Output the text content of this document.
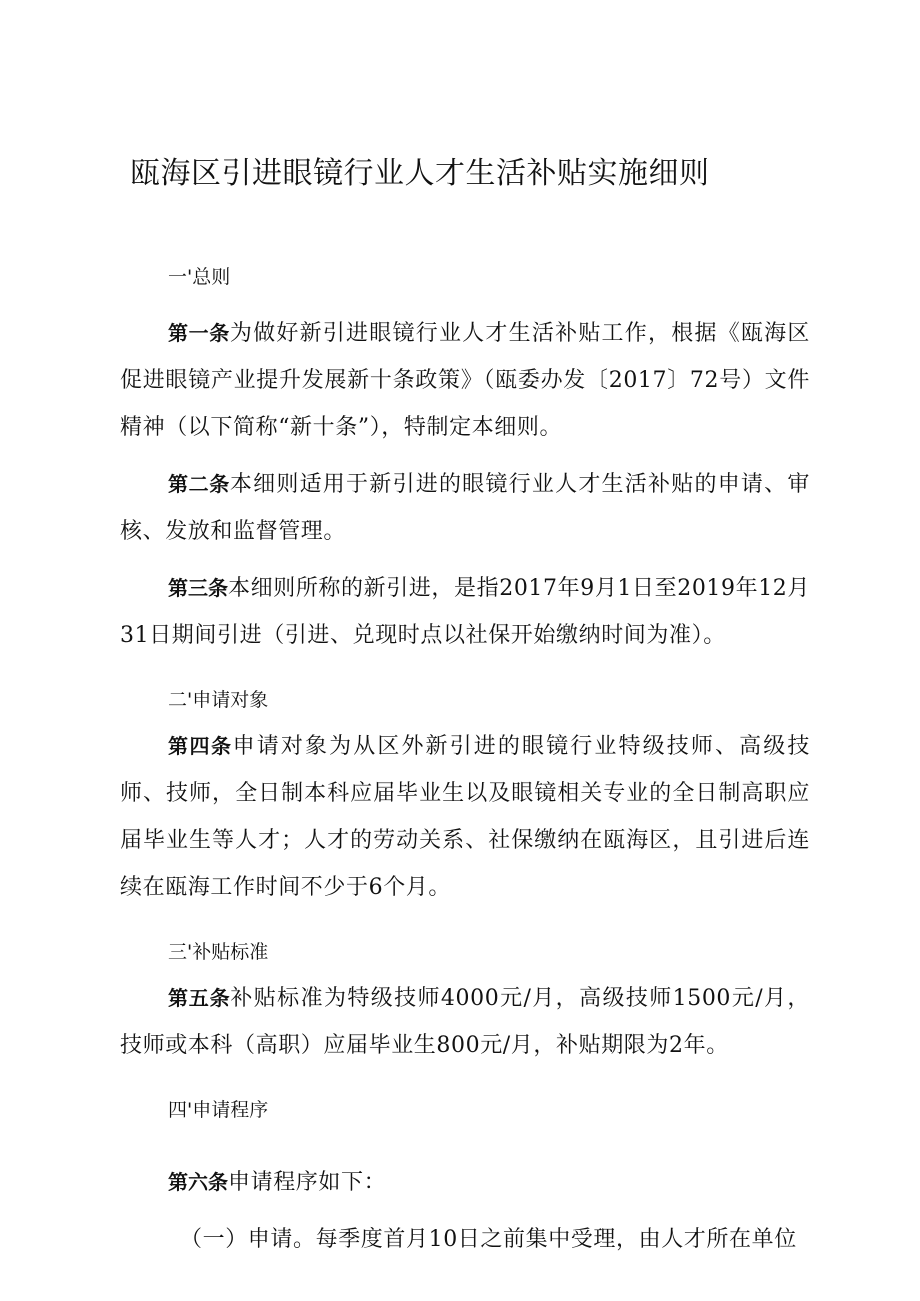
瓯海区引进眼镜行业人才生活补贴实施细则
一'总则

第一条为做好新引进眼镜行业人才生活补贴工作，根据《瓯海区促进眼镜产业提升发展新十条政策》（瓯委办发〔2017〕72号）文件精神（以下简称“新十条”），特制定本细则。

第二条本细则适用于新引进的眼镜行业人才生活补贴的申请、审核、发放和监督管理。

第三条本细则所称的新引进，是指2017年9月1日至2019年12月31日期间引进（引进、兑现时点以社保开始缴纳时间为准）。

二'申请对象

第四条申请对象为从区外新引进的眼镜行业特级技师、高级技师、技师，全日制本科应届毕业生以及眼镜相关专业的全日制高职应届毕业生等人才；人才的劳动关系、社保缴纳在瓯海区，且引进后连续在瓯海工作时间不少于6个月。

三'补贴标准

第五条补贴标准为特级技师4000元/月，高级技师1500元/月，技师或本科（高职）应届毕业生800元/月，补贴期限为2年。

四'申请程序

第六条申请程序如下：

（一）申请。每季度首月10日之前集中受理，由人才所在单位
